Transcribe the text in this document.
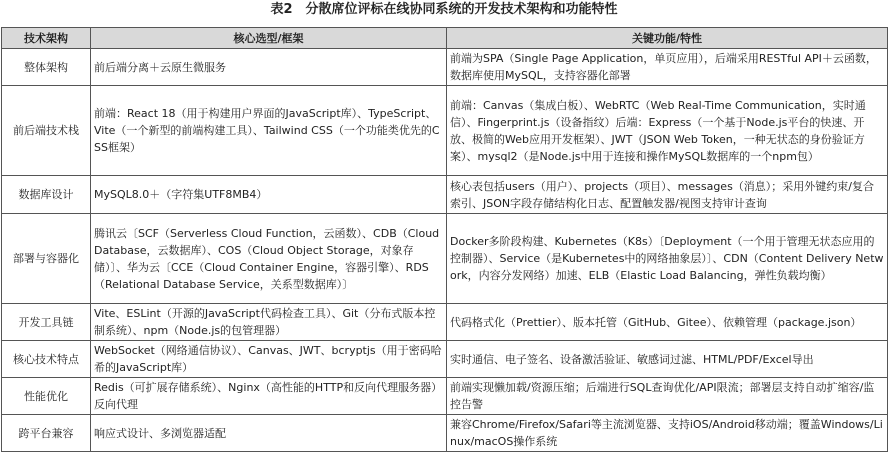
表2　分散席位评标在线协同系统的开发技术架构和功能特性
技术架构	核心选型/框架	关键功能/特性
整体架构	前后端分离＋云原生微服务	前端为SPA（Single Page Application，单页应用），后端采用RESTful API＋云函数，数据库使用MySQL，支持容器化部署
前后端技术栈	前端：React 18（用于构建用户界面的JavaScript库）、TypeScript、Vite（一个新型的前端构建工具）、Tailwind CSS（一个功能类优先的CSS框架）	前端：Canvas（集成白板）、WebRTC（Web Real-Time Communication，实时通信）、Fingerprint.js（设备指纹）后端：Express（一个基于Node.js平台的快速、开放、极简的Web应用开发框架）、JWT（JSON Web Token，一种无状态的身份验证方案）、mysql2（是Node.js中用于连接和操作MySQL数据库的一个npm包）
数据库设计	MySQL8.0＋（字符集UTF8MB4）	核心表包括users（用户）、projects（项目）、messages（消息）；采用外键约束/复合索引、JSON字段存储结构化日志、配置触发器/视图支持审计查询
部署与容器化	腾讯云〔SCF（Serverless Cloud Function，云函数）、CDB（Cloud Database，云数据库）、COS（Cloud Object Storage，对象存储）〕、华为云〔CCE（Cloud Container Engine，容器引擎）、RDS（Relational Database Service，关系型数据库）〕	Docker多阶段构建、Kubernetes（K8s）〔Deployment（一个用于管理无状态应用的控制器）、Service（是Kubernetes中的网络抽象层）〕、CDN（Content Delivery Network，内容分发网络）加速、ELB（Elastic Load Balancing，弹性负载均衡）
开发工具链	Vite、ESLint（开源的JavaScript代码检查工具）、Git（分布式版本控制系统）、npm（Node.js的包管理器）	代码格式化（Prettier）、版本托管（GitHub、Gitee）、依赖管理（package.json）
核心技术特点	WebSocket（网络通信协议）、Canvas、JWT、bcryptjs（用于密码哈希的JavaScript库）	实时通信、电子签名、设备激活验证、敏感词过滤、HTML/PDF/Excel导出
性能优化	Redis（可扩展存储系统）、Nginx（高性能的HTTP和反向代理服务器）反向代理	前端实现懒加载/资源压缩；后端进行SQL查询优化/API限流；部署层支持自动扩缩容/监控告警
跨平台兼容	响应式设计、多浏览器适配	兼容Chrome/Firefox/Safari等主流浏览器、支持iOS/Android移动端；覆盖Windows/Linux/macOS操作系统
